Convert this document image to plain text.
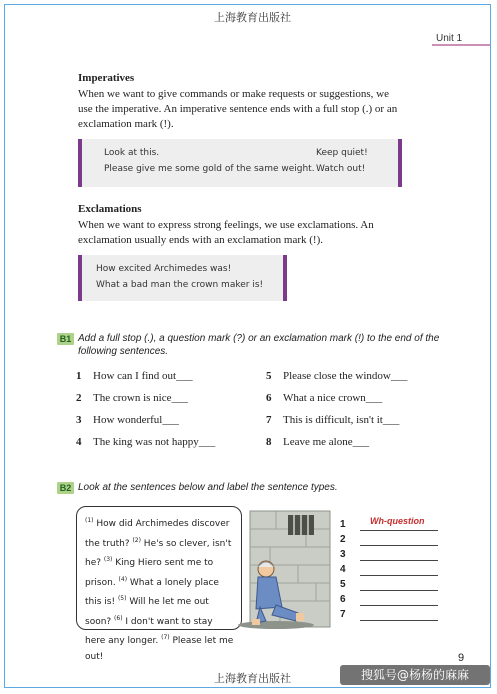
上海教育出版社
Unit 1
Imperatives
When we want to give commands or make requests or suggestions, we
use the imperative. An imperative sentence ends with a full stop (.) or an
exclamation mark (!).
Look at this.
Please give me some gold of the same weight.
Keep quiet!
Watch out!
Exclamations
When we want to express strong feelings, we use exclamations. An
exclamation usually ends with an exclamation mark (!).
How excited Archimedes was!
What a bad man the crown maker is!
B1 Add a full stop (.), a question mark (?) or an exclamation mark (!) to the end of the
following sentences.
1 How can I find out___
2 The crown is nice___
3 How wonderful___
4 The king was not happy___
5 Please close the window___
6 What a nice crown___
7 This is difficult, isn't it___
8 Leave me alone___
B2 Look at the sentences below and label the sentence types.
$^{(1)}$ How did Archimedes discover the truth? $^{(2)}$ He's so clever, isn't he? $^{(3)}$ King Hiero sent me to prison. $^{(4)}$ What a lonely place this is! $^{(5)}$ Will he let me out soon? $^{(6)}$ I don't want to stay here any longer. $^{(7)}$ Please let me out!
1
2
3
4
5
6
7
Wh-question
9
上海教育出版社	搜狐号@杨杨的麻麻
